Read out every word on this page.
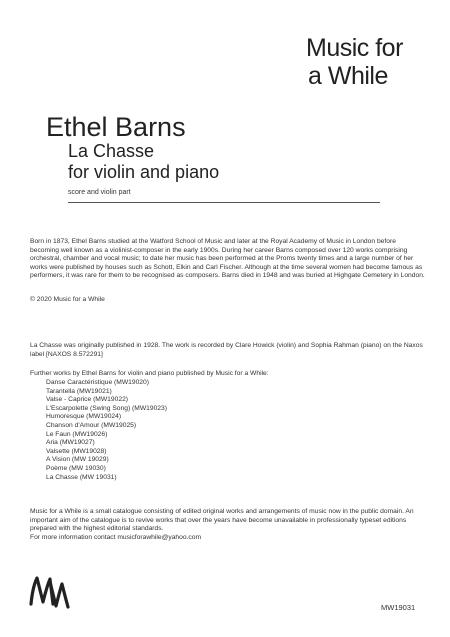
Music for
a While
Ethel Barns
La Chasse
for violin and piano
score and violin part
Born in 1873, Ethel Barns studied at the Watford School of Music and later at the Royal Academy of Music in London before becoming well known as a violinist-composer in the early 1900s. During her career Barns composed over 120 works comprising orchestral, chamber and vocal music; to date her music has been performed at the Proms twenty times and a large number of her works were published by houses such as Schott, Elkin and Carl Fischer. Although at the time several women had become famous as performers, it was rare for them to be recognised as composers. Barns died in 1948 and was buried at Highgate Cemetery in London.
© 2020 Music for a While
La Chasse was originally published in 1928. The work is recorded by Clare Howick (violin) and Sophia Rahman (piano) on the Naxos label [NAXOS 8.572291]
Further works by Ethel Barns for violin and piano published by Music for a While:
Danse Caractéristique (MW19020)
Tarantella (MW19021)
Valse - Caprice (MW19022)
L'Escarpolette (Swing Song) (MW19023)
Humoresque (MW19024)
Chanson d'Amour (MW19025)
Le Faun (MW19026)
Aria (MW19027)
Valsette (MW19028)
A Vision (MW 19029)
Poème (MW 19030)
La Chasse (MW 19031)
Music for a While is a small catalogue consisting of edited original works and arrangements of music now in the public domain. An important aim of the catalogue is to revive works that over the years have become unavailable in professionally typeset editions prepared with the highest editorial standards.
For more information contact musicforawhile@yahoo.com
MW19031
